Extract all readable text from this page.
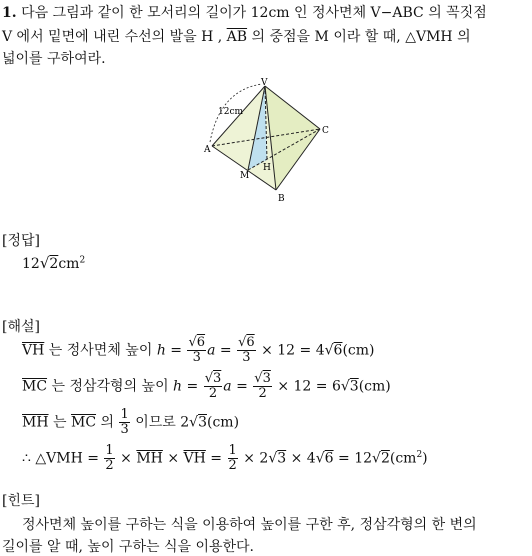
1. 다음 그림과 같이 한 모서리의 길이가 12cm 인 정사면체 V−ABC 의 꼭짓점
V 에서 밑면에 내린 수선의 발을 H , $\overline{AB}$ 의 중점을 M 이라 할 때, △VMH 의
넓이를 구하여라.
V
A
B
C
M
H
12cm
[정답]
$12√2cm^2$
[해설]
$\overline{VH}$ 는 정사면체 높이 $h = \frac{√6}{3}$ $a = \frac{√6}{3} \times 12 = 4√6(cm)$
$\overline{MC}$ 는 정삼각형의 높이 $h = \frac{√3}{2}$ $a = \frac{√3}{2} \times 12 = 6√3(cm)$
$\overline{MH}$ 는 $\overline{MC}$ 의 $\frac{1}{3}$ 이므로 2√3(cm)
∴ △VMH = $\frac{1}{2} \times \overline{MH} \times \overline{VH} = \frac{1}{2} \times 2√3 \times 4√6 = 12√2(cm^2)$
[힌트]
정사면체 높이를 구하는 식을 이용하여 높이를 구한 후, 정삼각형의 한 변의
길이를 알 때, 높이 구하는 식을 이용한다.
